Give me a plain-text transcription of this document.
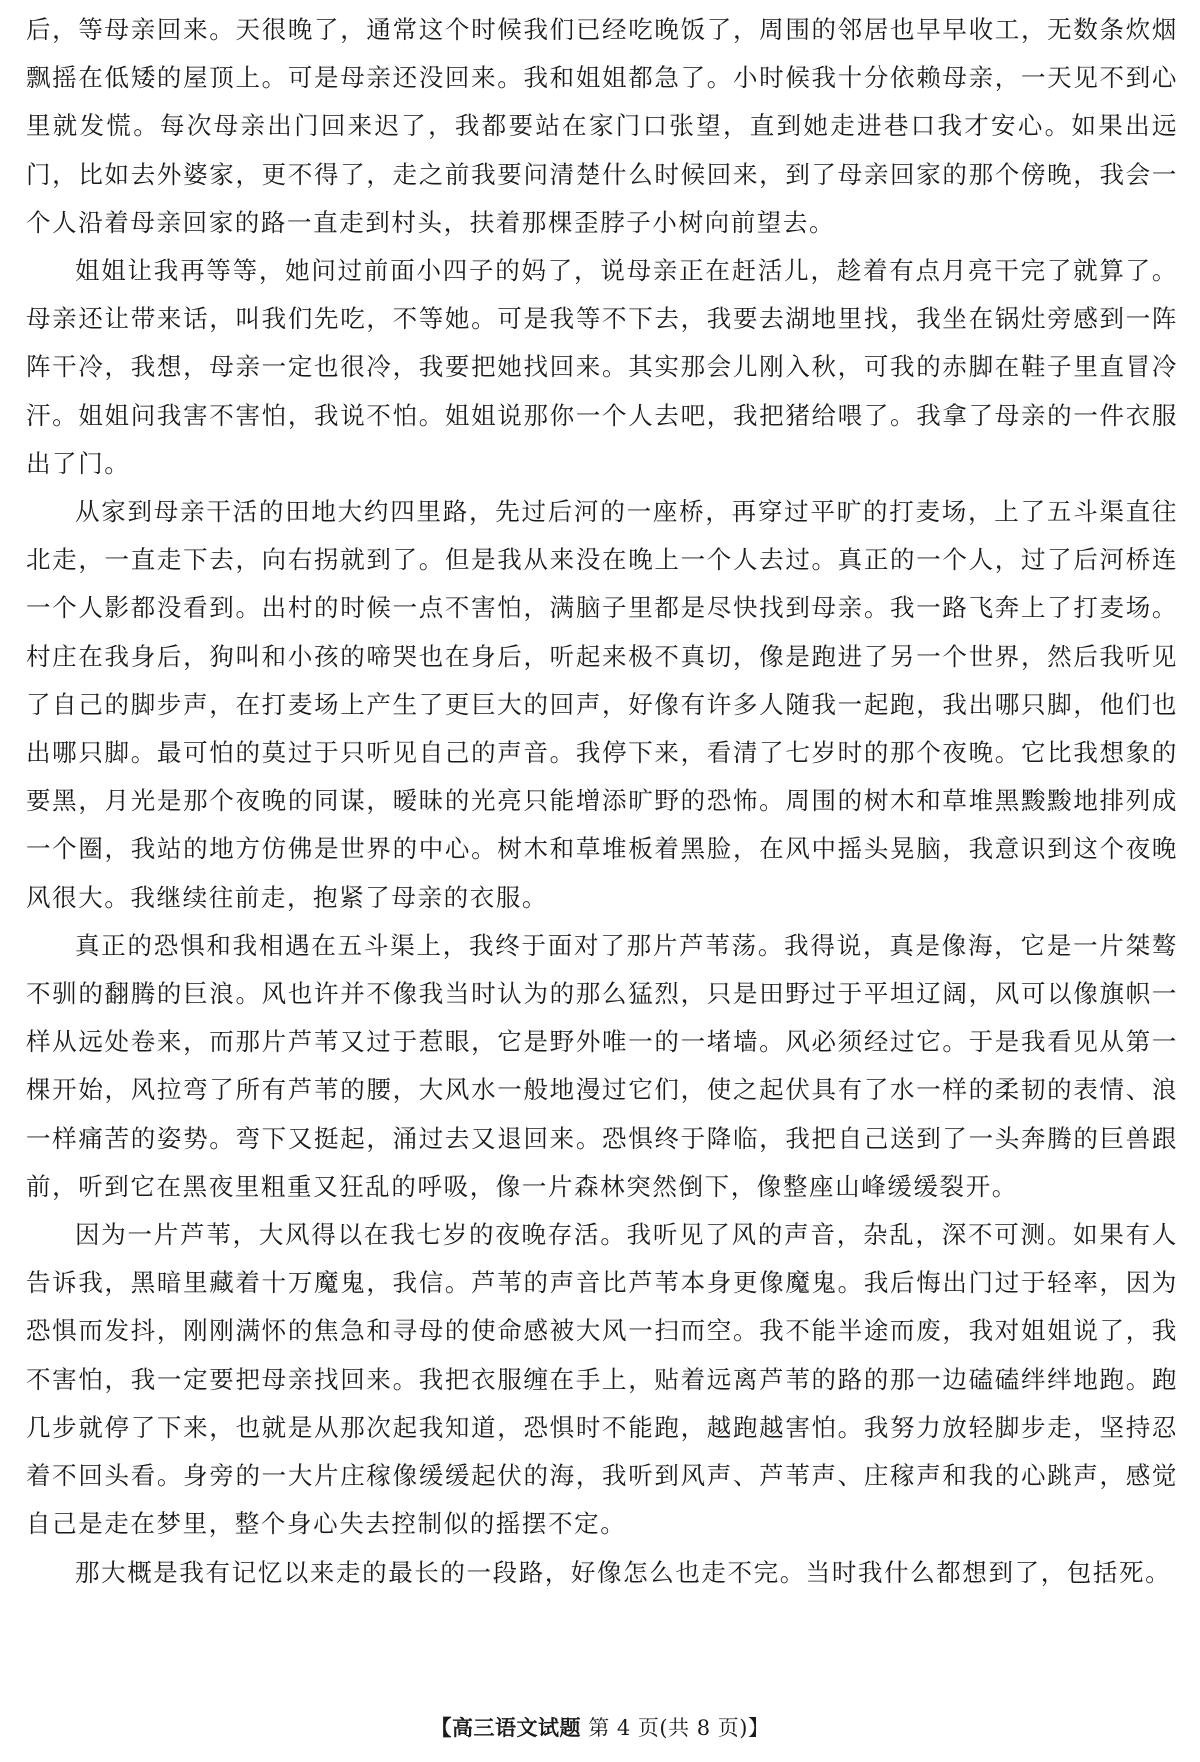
后，等母亲回来。天很晚了，通常这个时候我们已经吃晚饭了，周围的邻居也早早收工，无数条炊烟飘摇在低矮的屋顶上。可是母亲还没回来。我和姐姐都急了。小时候我十分依赖母亲，一天见不到心里就发慌。每次母亲出门回来迟了，我都要站在家门口张望，直到她走进巷口我才安心。如果出远门，比如去外婆家，更不得了，走之前我要问清楚什么时候回来，到了母亲回家的那个傍晚，我会一个人沿着母亲回家的路一直走到村头，扶着那棵歪脖子小树向前望去。

姐姐让我再等等，她问过前面小四子的妈了，说母亲正在赶活儿，趁着有点月亮干完了就算了。母亲还让带来话，叫我们先吃，不等她。可是我等不下去，我要去湖地里找，我坐在锅灶旁感到一阵阵干冷，我想，母亲一定也很冷，我要把她找回来。其实那会儿刚入秋，可我的赤脚在鞋子里直冒冷汗。姐姐问我害不害怕，我说不怕。姐姐说那你一个人去吧，我把猪给喂了。我拿了母亲的一件衣服出了门。

从家到母亲干活的田地大约四里路，先过后河的一座桥，再穿过平旷的打麦场，上了五斗渠直往北走，一直走下去，向右拐就到了。但是我从来没在晚上一个人去过。真正的一个人，过了后河桥连一个人影都没看到。出村的时候一点不害怕，满脑子里都是尽快找到母亲。我一路飞奔上了打麦场。村庄在我身后，狗叫和小孩的啼哭也在身后，听起来极不真切，像是跑进了另一个世界，然后我听见了自己的脚步声，在打麦场上产生了更巨大的回声，好像有许多人随我一起跑，我出哪只脚，他们也出哪只脚。最可怕的莫过于只听见自己的声音。我停下来，看清了七岁时的那个夜晚。它比我想象的要黑，月光是那个夜晚的同谋，暧昧的光亮只能增添旷野的恐怖。周围的树木和草堆黑黢黢地排列成一个圈，我站的地方仿佛是世界的中心。树木和草堆板着黑脸，在风中摇头晃脑，我意识到这个夜晚风很大。我继续往前走，抱紧了母亲的衣服。

真正的恐惧和我相遇在五斗渠上，我终于面对了那片芦苇荡。我得说，真是像海，它是一片桀骜不驯的翻腾的巨浪。风也许并不像我当时认为的那么猛烈，只是田野过于平坦辽阔，风可以像旗帜一样从远处卷来，而那片芦苇又过于惹眼，它是野外唯一的一堵墙。风必须经过它。于是我看见从第一棵开始，风拉弯了所有芦苇的腰，大风水一般地漫过它们，使之起伏具有了水一样的柔韧的表情、浪一样痛苦的姿势。弯下又挺起，涌过去又退回来。恐惧终于降临，我把自己送到了一头奔腾的巨兽跟前，听到它在黑夜里粗重又狂乱的呼吸，像一片森林突然倒下，像整座山峰缓缓裂开。

因为一片芦苇，大风得以在我七岁的夜晚存活。我听见了风的声音，杂乱，深不可测。如果有人告诉我，黑暗里藏着十万魔鬼，我信。芦苇的声音比芦苇本身更像魔鬼。我后悔出门过于轻率，因为恐惧而发抖，刚刚满怀的焦急和寻母的使命感被大风一扫而空。我不能半途而废，我对姐姐说了，我不害怕，我一定要把母亲找回来。我把衣服缠在手上，贴着远离芦苇的路的那一边磕磕绊绊地跑。跑几步就停了下来，也就是从那次起我知道，恐惧时不能跑，越跑越害怕。我努力放轻脚步走，坚持忍着不回头看。身旁的一大片庄稼像缓缓起伏的海，我听到风声、芦苇声、庄稼声和我的心跳声，感觉自己是走在梦里，整个身心失去控制似的摇摆不定。

那大概是我有记忆以来走的最长的一段路，好像怎么也走不完。当时我什么都想到了，包括死。

【高三语文试题 第 4 页(共 8 页)】
